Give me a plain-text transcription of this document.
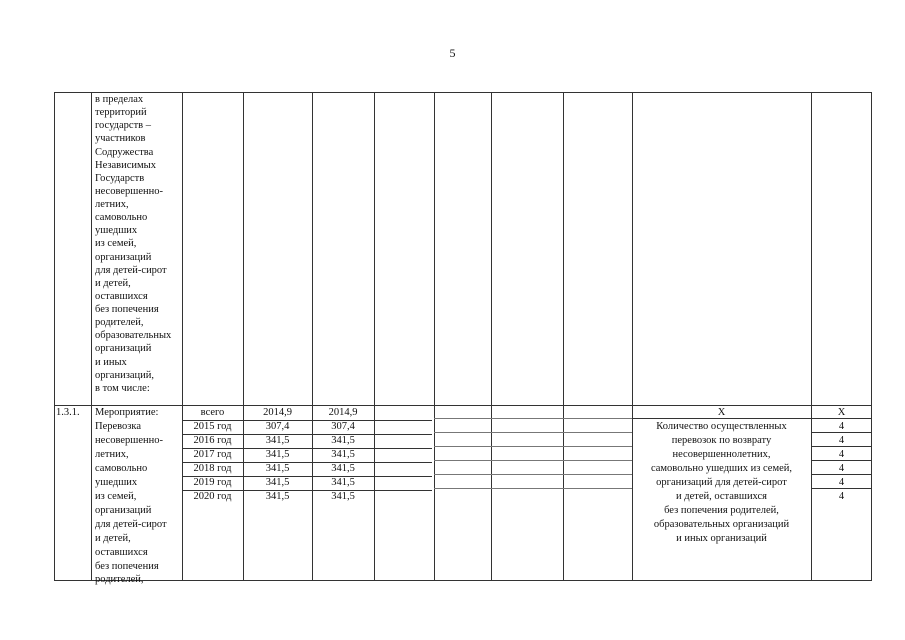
5
в пределах
территорий
государств –
участников
Содружества
Независимых
Государств
несовершенно-
летних,
самовольно
ушедших
из семей,
организаций
для детей-сирот
и детей,
оставшихся
без попечения
родителей,
образовательных
организаций
и иных
организаций,
в том числе:
1.3.1. Мероприятие:
Перевозка
несовершенно-
летних,
самовольно
ушедших
из семей,
организаций
для детей-сирот
и детей,
оставшихся
без попечения
родителей,
всего
2015 год
2016 год
2017 год
2018 год
2019 год
2020 год
2014,9
307,4
341,5
341,5
341,5
341,5
341,5
2014,9
307,4
341,5
341,5
341,5
341,5
341,5
X
Количество осуществленных
перевозок по возврату
несовершеннолетних,
самовольно ушедших из семей,
организаций для детей-сирот
и детей, оставшихся
без попечения родителей,
образовательных организаций
и иных организаций
X
4
4
4
4
4
4
